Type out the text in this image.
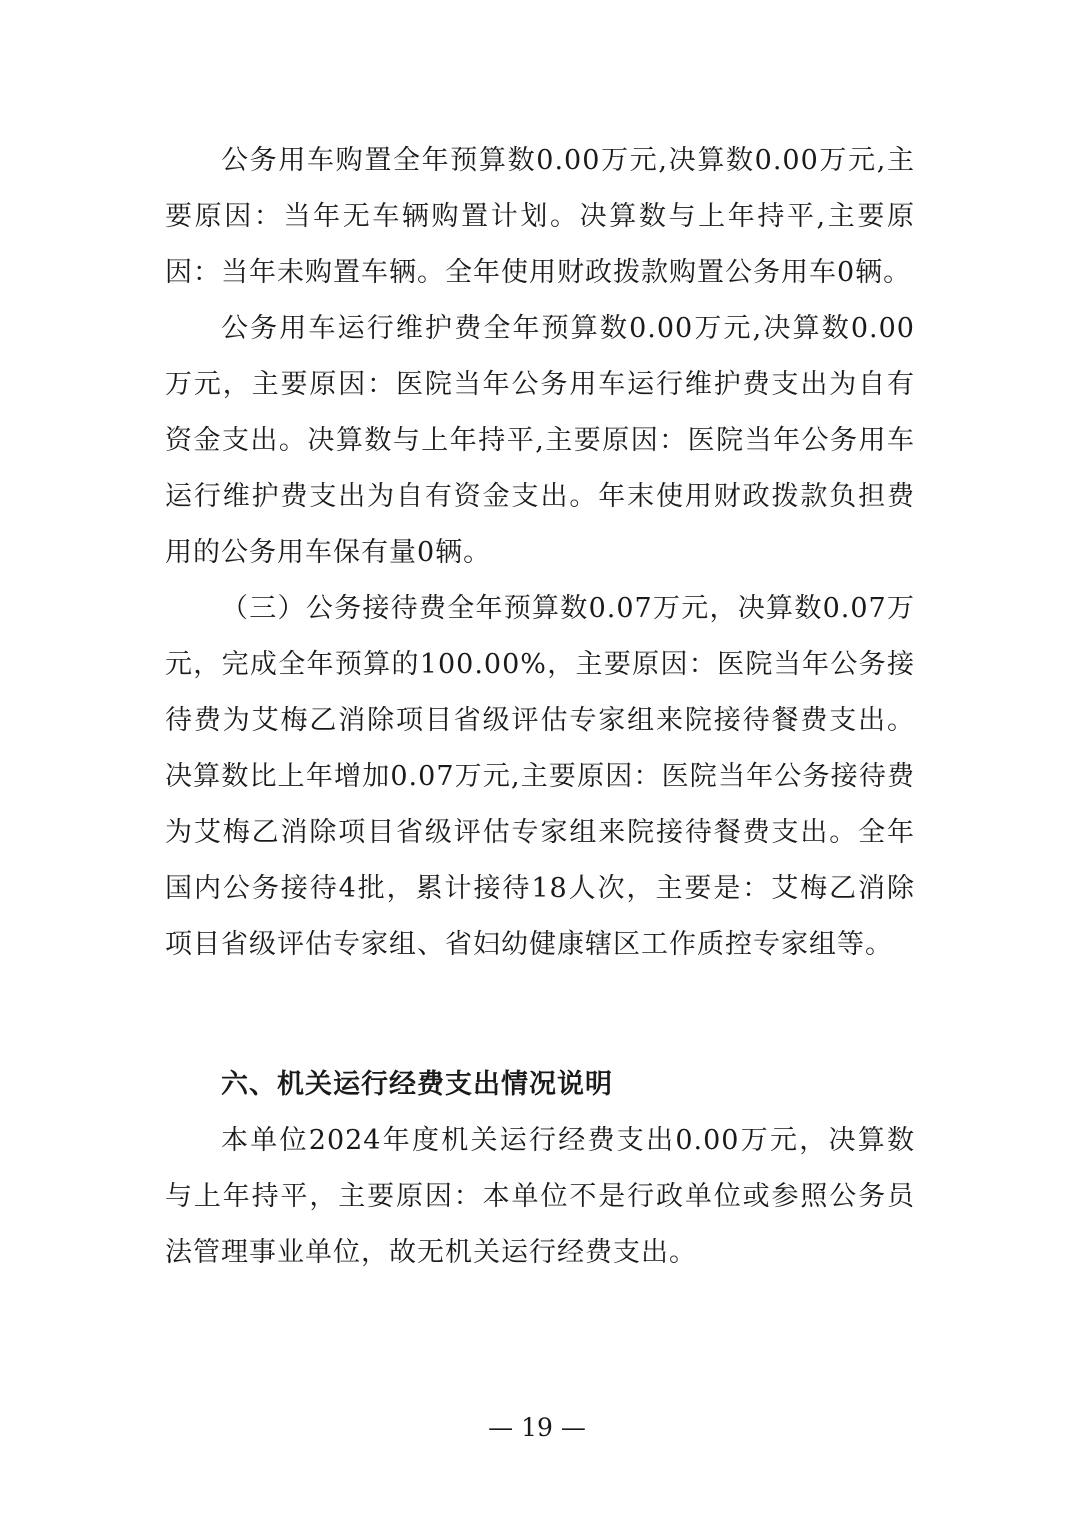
公务用车购置全年预算数0.00万元,决算数0.00万元,主要原因：当年无车辆购置计划。决算数与上年持平,主要原因：当年未购置车辆。全年使用财政拨款购置公务用车0辆。

公务用车运行维护费全年预算数0.00万元,决算数0.00万元，主要原因：医院当年公务用车运行维护费支出为自有资金支出。决算数与上年持平,主要原因：医院当年公务用车运行维护费支出为自有资金支出。年末使用财政拨款负担费用的公务用车保有量0辆。

（三）公务接待费全年预算数0.07万元，决算数0.07万元，完成全年预算的100.00%，主要原因：医院当年公务接待费为艾梅乙消除项目省级评估专家组来院接待餐费支出。决算数比上年增加0.07万元,主要原因：医院当年公务接待费为艾梅乙消除项目省级评估专家组来院接待餐费支出。全年国内公务接待4批，累计接待18人次，主要是：艾梅乙消除项目省级评估专家组、省妇幼健康辖区工作质控专家组等。

六、机关运行经费支出情况说明

本单位2024年度机关运行经费支出0.00万元，决算数与上年持平，主要原因：本单位不是行政单位或参照公务员法管理事业单位，故无机关运行经费支出。

— 19 —
